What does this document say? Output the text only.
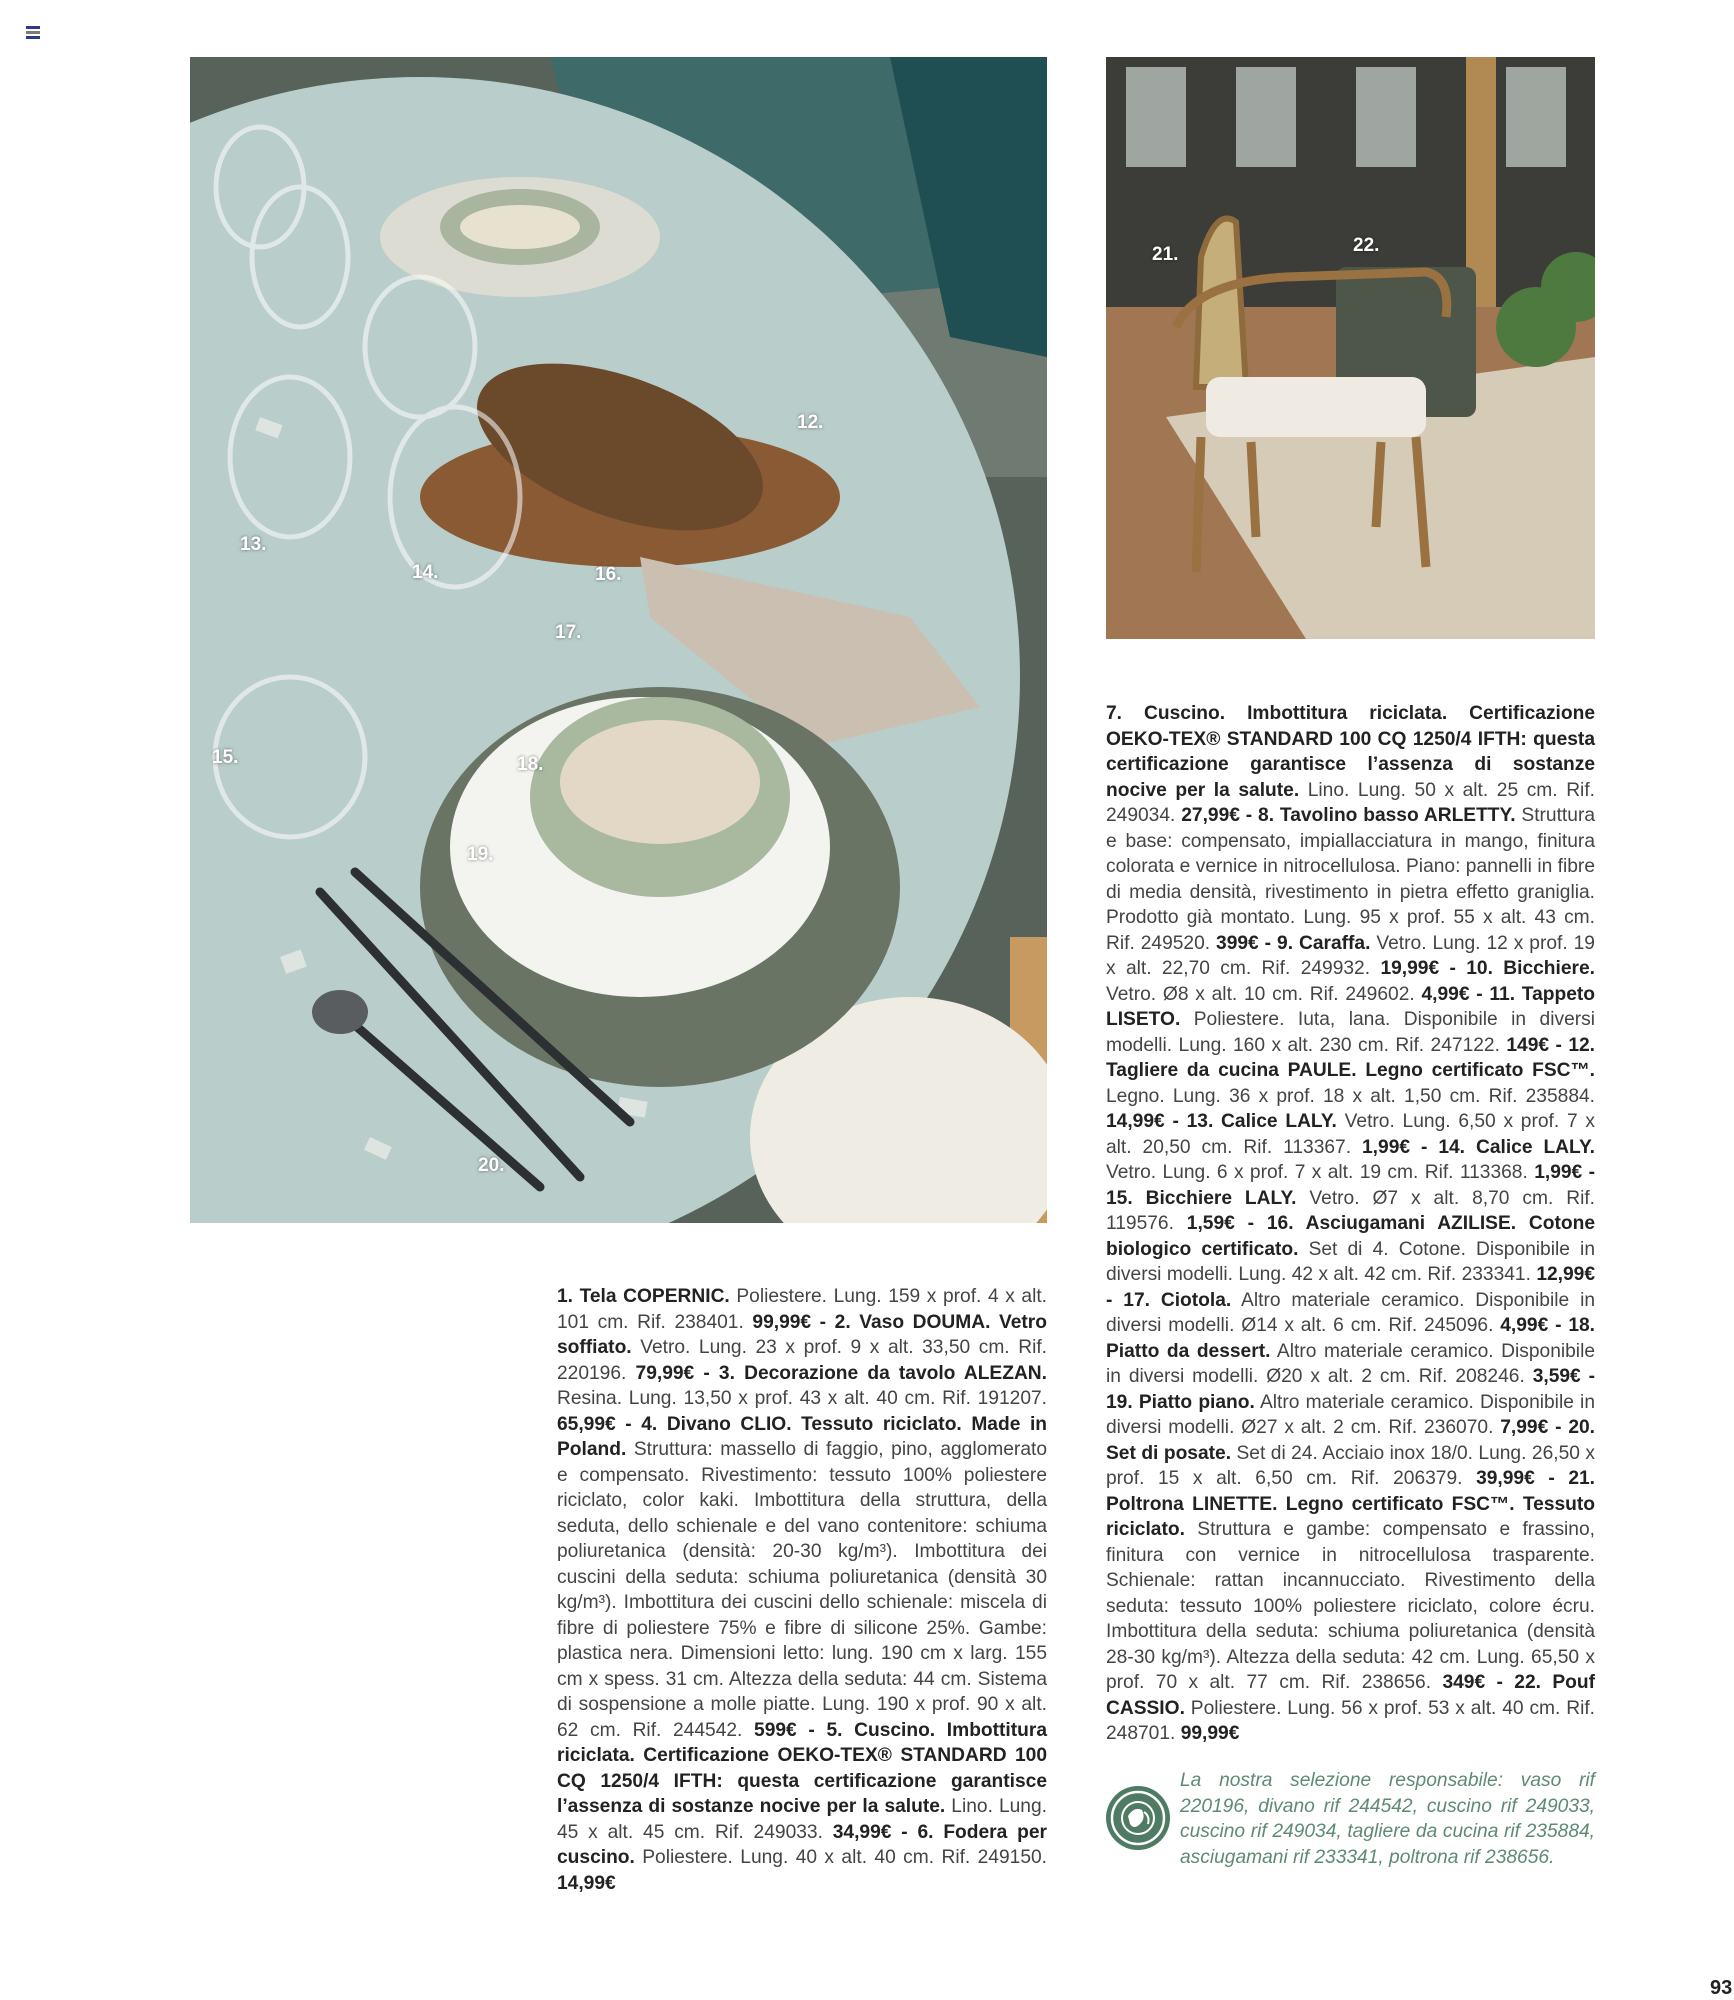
12.
13.
14.	16.
17.
15.	18.
19.
20.
21.	22.
1. Tela COPERNIC. Poliestere. Lung. 159 x prof. 4 x alt. 101 cm. Rif. 238401. 99,99€ - 2. Vaso DOUMA. Vetro soffiato. Vetro. Lung. 23 x prof. 9 x alt. 33,50 cm. Rif. 220196. 79,99€ - 3. Decorazione da tavolo ALEZAN. Resina. Lung. 13,50 x prof. 43 x alt. 40 cm. Rif. 191207. 65,99€ - 4. Divano CLIO. Tessuto riciclato. Made in Poland. Struttura: massello di faggio, pino, agglomerato e compensato. Rivestimento: tessuto 100% poliestere riciclato, color kaki. Imbottitura della struttura, della seduta, dello schienale e del vano contenitore: schiuma poliuretanica (densità: 20-30 kg/m³). Imbottitura dei cuscini della seduta: schiuma poliuretanica (densità 30 kg/m³). Imbottitura dei cuscini dello schienale: miscela di fibre di poliestere 75% e fibre di silicone 25%. Gambe: plastica nera. Dimensioni letto: lung. 190 cm x larg. 155 cm x spess. 31 cm. Altezza della seduta: 44 cm. Sistema di sospensione a molle piatte. Lung. 190 x prof. 90 x alt. 62 cm. Rif. 244542. 599€ - 5. Cuscino. Imbottitura riciclata. Certificazione OEKO-TEX® STANDARD 100 CQ 1250/4 IFTH: questa certificazione garantisce l’assenza di sostanze nocive per la salute. Lino. Lung. 45 x alt. 45 cm. Rif. 249033. 34,99€ - 6. Fodera per cuscino. Poliestere. Lung. 40 x alt. 40 cm. Rif. 249150. 14,99€
7. Cuscino. Imbottitura riciclata. Certificazione OEKO-TEX® STANDARD 100 CQ 1250/4 IFTH: questa certificazione garantisce l’assenza di sostanze nocive per la salute. Lino. Lung. 50 x alt. 25 cm. Rif. 249034. 27,99€ - 8. Tavolino basso ARLETTY. Struttura e base: compensato, impiallacciatura in mango, finitura colorata e vernice in nitrocellulosa. Piano: pannelli in fibre di media densità, rivestimento in pietra effetto graniglia. Prodotto già montato. Lung. 95 x prof. 55 x alt. 43 cm. Rif. 249520. 399€ - 9. Caraffa. Vetro. Lung. 12 x prof. 19 x alt. 22,70 cm. Rif. 249932. 19,99€ - 10. Bicchiere. Vetro. Ø8 x alt. 10 cm. Rif. 249602. 4,99€ - 11. Tappeto LISETO. Poliestere. Iuta, lana. Disponibile in diversi modelli. Lung. 160 x alt. 230 cm. Rif. 247122. 149€ - 12. Tagliere da cucina PAULE. Legno certificato FSC™. Legno. Lung. 36 x prof. 18 x alt. 1,50 cm. Rif. 235884. 14,99€ - 13. Calice LALY. Vetro. Lung. 6,50 x prof. 7 x alt. 20,50 cm. Rif. 113367. 1,99€ - 14. Calice LALY. Vetro. Lung. 6 x prof. 7 x alt. 19 cm. Rif. 113368. 1,99€ - 15. Bicchiere LALY. Vetro. Ø7 x alt. 8,70 cm. Rif. 119576. 1,59€ - 16. Asciugamani AZILISE. Cotone biologico certificato. Set di 4. Cotone. Disponibile in diversi modelli. Lung. 42 x alt. 42 cm. Rif. 233341. 12,99€ - 17. Ciotola. Altro materiale ceramico. Disponibile in diversi modelli. Ø14 x alt. 6 cm. Rif. 245096. 4,99€ - 18. Piatto da dessert. Altro materiale ceramico. Disponibile in diversi modelli. Ø20 x alt. 2 cm. Rif. 208246. 3,59€ - 19. Piatto piano. Altro materiale ceramico. Disponibile in diversi modelli. Ø27 x alt. 2 cm. Rif. 236070. 7,99€ - 20. Set di posate. Set di 24. Acciaio inox 18/0. Lung. 26,50 x prof. 15 x alt. 6,50 cm. Rif. 206379. 39,99€ - 21. Poltrona LINETTE. Legno certificato FSC™. Tessuto riciclato. Struttura e gambe: compensato e frassino, finitura con vernice in nitrocellulosa trasparente. Schienale: rattan incannucciato. Rivestimento della seduta: tessuto 100% poliestere riciclato, colore écru. Imbottitura della seduta: schiuma poliuretanica (densità 28-30 kg/m³). Altezza della seduta: 42 cm. Lung. 65,50 x prof. 70 x alt. 77 cm. Rif. 238656. 349€ - 22. Pouf CASSIO. Poliestere. Lung. 56 x prof. 53 x alt. 40 cm. Rif. 248701. 99,99€
La nostra selezione responsabile: vaso rif 220196, divano rif 244542, cuscino rif 249033, cuscino rif 249034, tagliere da cucina rif 235884, asciugamani rif 233341, poltrona rif 238656.
93
